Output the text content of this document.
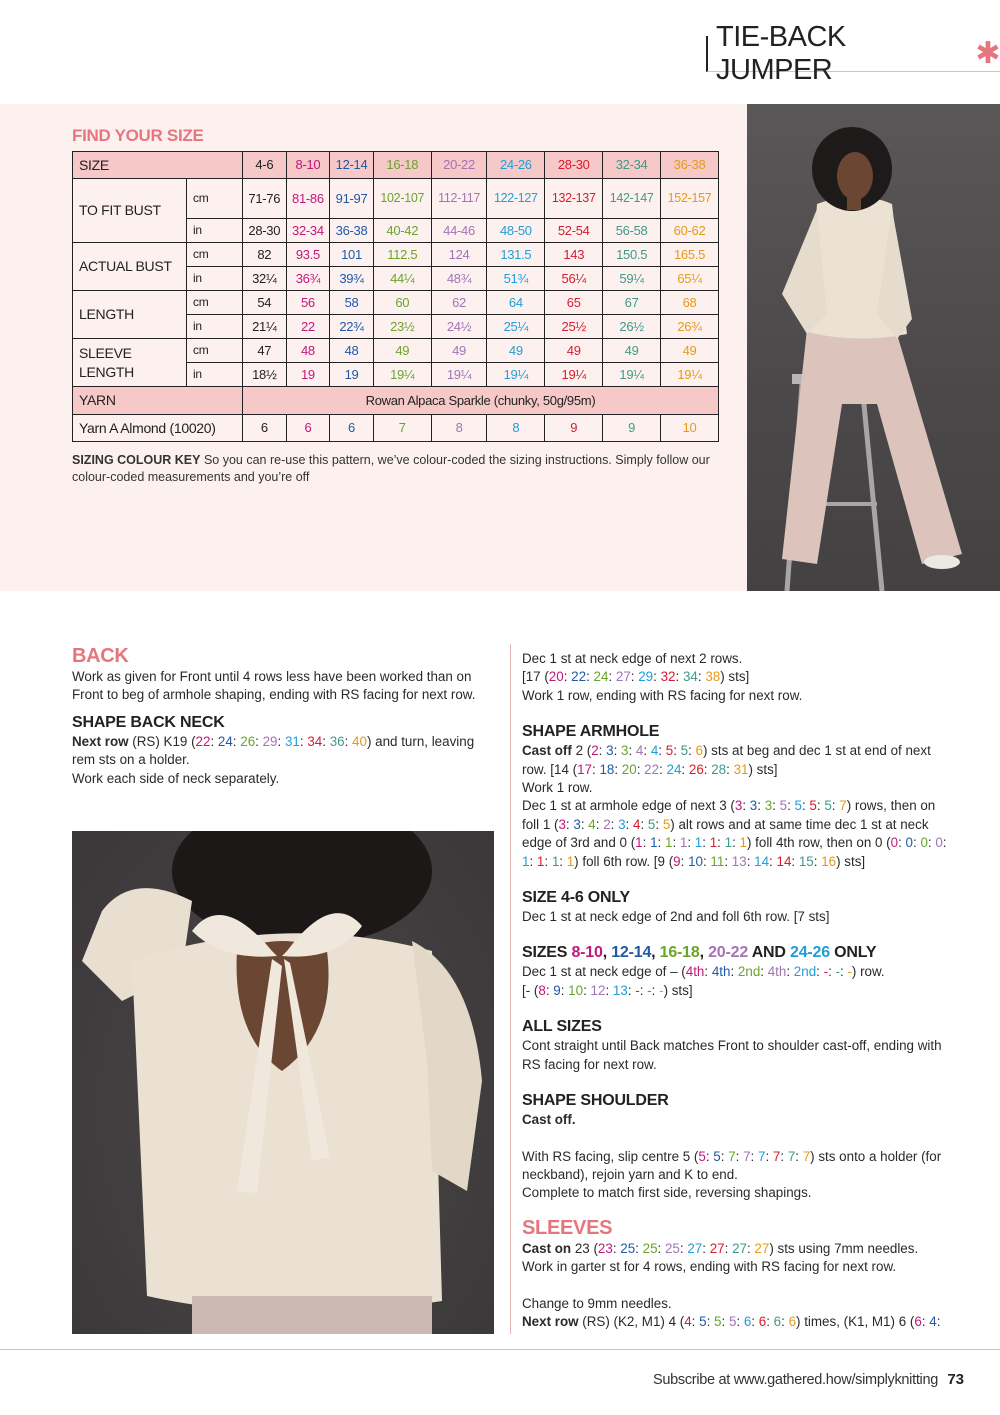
TIE-BACK JUMPER	✱
FIND YOUR SIZE
SIZE		4-6	8-10	12-14	16-18	20-22	24-26	28-30	32-34	36-38
TO FIT BUST	cm	71-76	81-86	91-97	102-107	112-117	122-127	132-137	142-147	152-157
	in	28-30	32-34	36-38	40-42	44-46	48-50	52-54	56-58	60-62
ACTUAL BUST	cm	82	93.5	101	112.5	124	131.5	143	150.5	165.5
	in	32¼	36¾	39¾	44¼	48¾	51¾	56¼	59¼	65¼
LENGTH	cm	54	56	58	60	62	64	65	67	68
	in	21¼	22	22¾	23½	24½	25¼	25½	26½	26¾

SLEEVE
LENGTH	cm	47	48	48	49	49	49	49	49	49
	in	18½	19	19	19¼	19¼	19¼	19¼	19¼	19¼
YARN		Rowan Alpaca Sparkle (chunky, 50g/95m)								
Yarn A Almond (10020)		6	6	6	7	8	8	9	9	10
SIZING COLOUR KEY So you can re-use this pattern, we’ve colour-coded the sizing instructions. Simply follow our colour-coded measurements and you’re off
BACK

Work as given for Front until 4 rows less have been worked than on Front to beg of armhole shaping, ending with RS facing for next row.

SHAPE BACK NECK

Next row (RS) K19 (22: 24: 26: 29: 31: 34: 36: 40) and turn, leaving rem sts on a holder.

Work each side of neck separately.

Dec 1 st at neck edge of next 2 rows.

[17 (20: 22: 24: 27: 29: 32: 34: 38) sts]

Work 1 row, ending with RS facing for next row.

SHAPE ARMHOLE

Cast off 2 (2: 3: 3: 4: 4: 5: 5: 6) sts at beg and dec 1 st at end of next row. [14 (17: 18: 20: 22: 24: 26: 28: 31) sts]

Work 1 row.

Dec 1 st at armhole edge of next 3 (3: 3: 3: 5: 5: 5: 5: 7) rows, then on foll 1 (3: 3: 4: 2: 3: 4: 5: 5) alt rows and at same time dec 1 st at neck edge of 3rd and 0 (1: 1: 1: 1: 1: 1: 1: 1) foll 4th row, then on 0 (0: 0: 0: 0: 1: 1: 1: 1) foll 6th row. [9 (9: 10: 11: 13: 14: 14: 15: 16) sts]

SIZE 4-6 ONLY

Dec 1 st at neck edge of 2nd and foll 6th row. [7 sts]

SIZES 8-10, 12-14, 16-18, 20-22 AND 24-26 ONLY

Dec 1 st at neck edge of – (4th: 4th: 2nd: 4th: 2nd: -: -: -) row.

[- (8: 9: 10: 12: 13: -: -: -) sts]

ALL SIZES

Cont straight until Back matches Front to shoulder cast-off, ending with RS facing for next row.

SHAPE SHOULDER

Cast off.

With RS facing, slip centre 5 (5: 5: 7: 7: 7: 7: 7: 7) sts onto a holder (for neckband), rejoin yarn and K to end.

Complete to match first side, reversing shapings.

SLEEVES

Cast on 23 (23: 25: 25: 25: 27: 27: 27: 27) sts using 7mm needles.

Work in garter st for 4 rows, ending with RS facing for next row.

Change to 9mm needles.

Next row (RS) (K2, M1) 4 (4: 5: 5: 5: 6: 6: 6: 6) times, (K1, M1) 6 (6: 4:

Subscribe at www.gathered.how/simplyknitting 73
